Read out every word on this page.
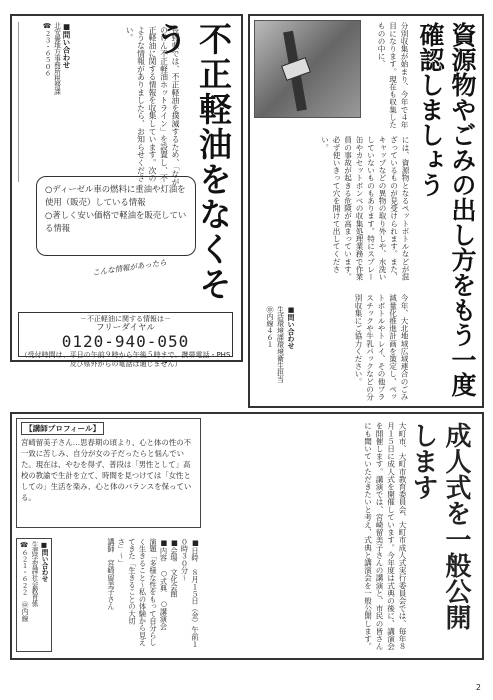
不正軽油をなくそう
長野県では、不正軽油を撲滅するため、「ながのけん不正軽油ホットライン」を設置し、不正軽油に関する情報を収集しています。次のような情報がありましたら、お知らせください。
■問い合わせ
北安曇地方事務所税務課
☎２３・６５０６
○ディーゼル車の燃料に重油や灯油を使用（販売）している情報
○著しく安い価格で軽油を販売している情報
こんな情報があったら
－不正軽油に関する情報は－
フリーダイヤル
0120-940-050
（受付時間は、平日の午前９時から午後５時まで。携帯電話・PHS及び県外からの電話は通じません）	資源物やごみの出し方をもう一度確認しましょう
分別収集が始まり、今年で４年目になります。現在も収集したものの中に、
には、資源物となるペットボトルなどが混ざっているものが見受けられます。また、キャップなどの異物の取り外しや、水洗いしていないものもあります。特にスプレー缶やカセットボンベの収集処理業務で作業員の事故が起きる危険が高まっています。必ず使いきって穴を開けて出してください。
今年、大北地域広域連合のごみ減量化推進計画を策定し、ペットボトルやトレイ、その他プラスチックや牛乳パックなどの分別収集にご協力ください。
■問い合わせ
生活環境課環境衛生担当
㊥内線４６１
成人式を一般公開します
大町市、大町市教育委員会、大町市成人式実行委員会では、毎年８月１５日に成人式を開催しています。今年度は式典の後に、講演会を開催します。講演では、宮崎留美子さんの講演と、市民の皆さんにも聞いていただきたいと考え、式典と講演会を一般公開します。
【講師プロフィール】
宮崎留美子さん…思春期の頃より、心と体の性の不一致に苦しみ、自分が女の子だったらと悩んでいた。現在は、やむを得ず、普段は「男性として」高校の教諭で生計を立て、時間を見つけては「女性としての」生活を楽み、心と体のバランスを保っている。
■問い合わせ
生涯学習課社会教育係
☎６２１・６２２　㊥内線	■日時　８月１５日（金）午前１０時３０分～
■会場　文化会館
■内容　○式典　○講演会
演題「多様な性をもって自分らしく生きること〜私の体験から見えてきた「生きることの大切さ」〜」
講師　宮崎留美子さん
2
